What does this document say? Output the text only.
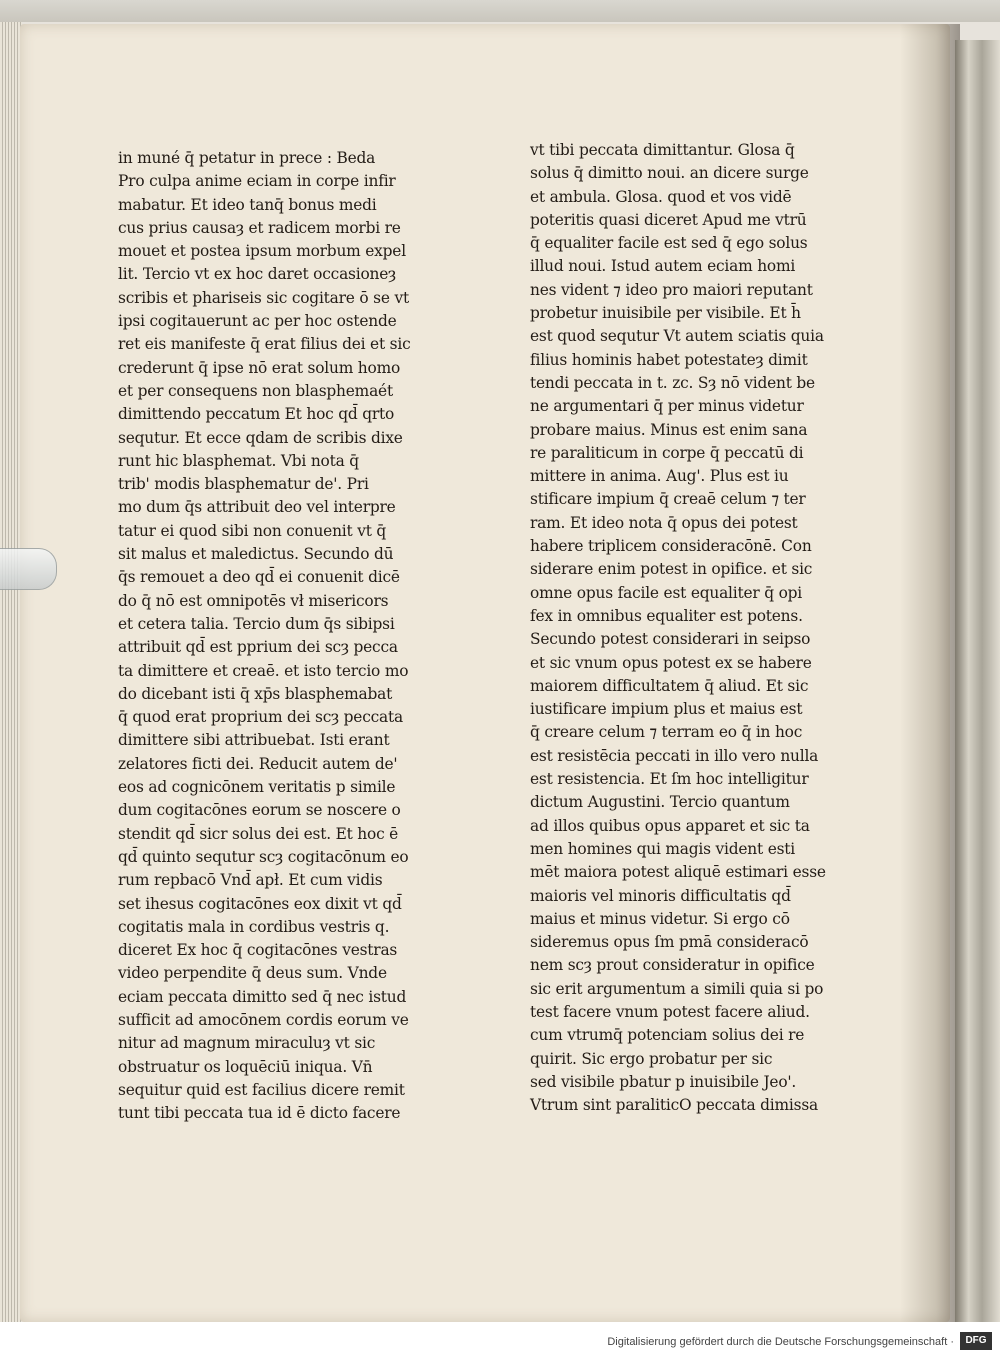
in muné q̄ petatur in prece : Beda
Pro culpa anime eciam in corpe infir
mabatur. Et ideo tanq̄ bonus medi
cus prius causaȝ et radicem morbi re
mouet et postea ipsum morbum expel
lit. Tercio vt ex hoc daret occasioneȝ
scribis et phariseis sic cogitare ō se vt
ipsi cogitauerunt ac per hoc ostende
ret eis manifeste q̄ erat filius dei et sic
crederunt q̄ ipse nō erat solum homo
et per consequens non blasphemaét
dimittendo peccatum Et hoc qd̄ qrto
sequtur. Et ecce qdam de scribis dixe
runt hic blasphemat. Vbi nota q̄
trib' modis blasphematur de'. Pri
mo dum q̄s attribuit deo vel interpre
tatur ei quod sibi non conuenit vt q̄
sit malus et maledictus. Secundo dū
q̄s remouet a deo qd̄ ei conuenit dicē
do q̄ nō est omnipotēs vł misericors
et cetera talia. Tercio dum q̄s sibipsi
attribuit qd̄ est pprium dei scȝ pecca
ta dimittere et creaē. et isto tercio mo
do dicebant isti q̄ xp̄s blasphemabat
q̄ quod erat proprium dei scȝ peccata
dimittere sibi attribuebat. Isti erant
zelatores ficti dei. Reducit autem de'
eos ad cognicōnem veritatis p simile
dum cogitacōnes eorum se noscere o
stendit qd̄ sicr solus dei est. Et hoc ē
qd̄ quinto sequtur scȝ cogitacōnum eo
rum repbacō Vnd̄ apł. Et cum vidis
set ihesus cogitacōnes eox dixit vt qd̄
cogitatis mala in cordibus vestris q.
diceret Ex hoc q̄ cogitacōnes vestras
video perpendite q̄ deus sum. Vnde
eciam peccata dimitto sed q̄ nec istud
sufficit ad amocōnem cordis eorum ve
nitur ad magnum miraculuȝ vt sic
obstruatur os loquēciū iniqua. Vn̄
sequitur quid est facilius dicere remit
tunt tibi peccata tua id ē dicto facere
vt tibi peccata dimittantur. Glosa q̄
solus q̄ dimitto noui. an dicere surge
et ambula. Glosa. quod et vos vidē
poteritis quasi diceret Apud me vtrū
q̄ equaliter facile est sed q̄ ego solus
illud noui. Istud autem eciam homi
nes vident ⁊ ideo pro maiori reputant
probetur inuisibile per visibile. Et h̄
est quod sequtur Vt autem sciatis quia
filius hominis habet potestateȝ dimit
tendi peccata in t. zc. Sȝ nō vident be
ne argumentari q̄ per minus videtur
probare maius. Minus est enim sana
re paraliticum in corpe q̄ peccatū di
mittere in anima. Aug'. Plus est iu
stificare impium q̄ creaē celum ⁊ ter
ram. Et ideo nota q̄ opus dei potest
habere triplicem consideracōnē. Con
siderare enim potest in opifice. et sic
omne opus facile est equaliter q̄ opi
fex in omnibus equaliter est potens.
Secundo potest considerari in seipso
et sic vnum opus potest ex se habere
maiorem difficultatem q̄ aliud. Et sic
iustificare impium plus et maius est
q̄ creare celum ⁊ terram eo q̄ in hoc
est resistēcia peccati in illo vero nulla
est resistencia. Et ſm hoc intelligitur
dictum Augustini. Tercio quantum
ad illos quibus opus apparet et sic ta
men homines qui magis vident esti
mēt maiora potest aliquē estimari esse
maioris vel minoris difficultatis qd̄
maius et minus videtur. Si ergo cō
sideremus opus ſm pmā consideracō
nem scȝ prout consideratur in opifice
sic erit argumentum a simili quia si po
test facere vnum potest facere aliud.
cum vtrumq̄ potenciam solius dei re
quirit. Sic ergo probatur per sic
sed visibile pbatur p inuisibile Jeo'.
Vtrum sint paraliticO peccata dimissa
Digitalisierung gefördert durch die Deutsche Forschungsgemeinschaft ·	DFG
